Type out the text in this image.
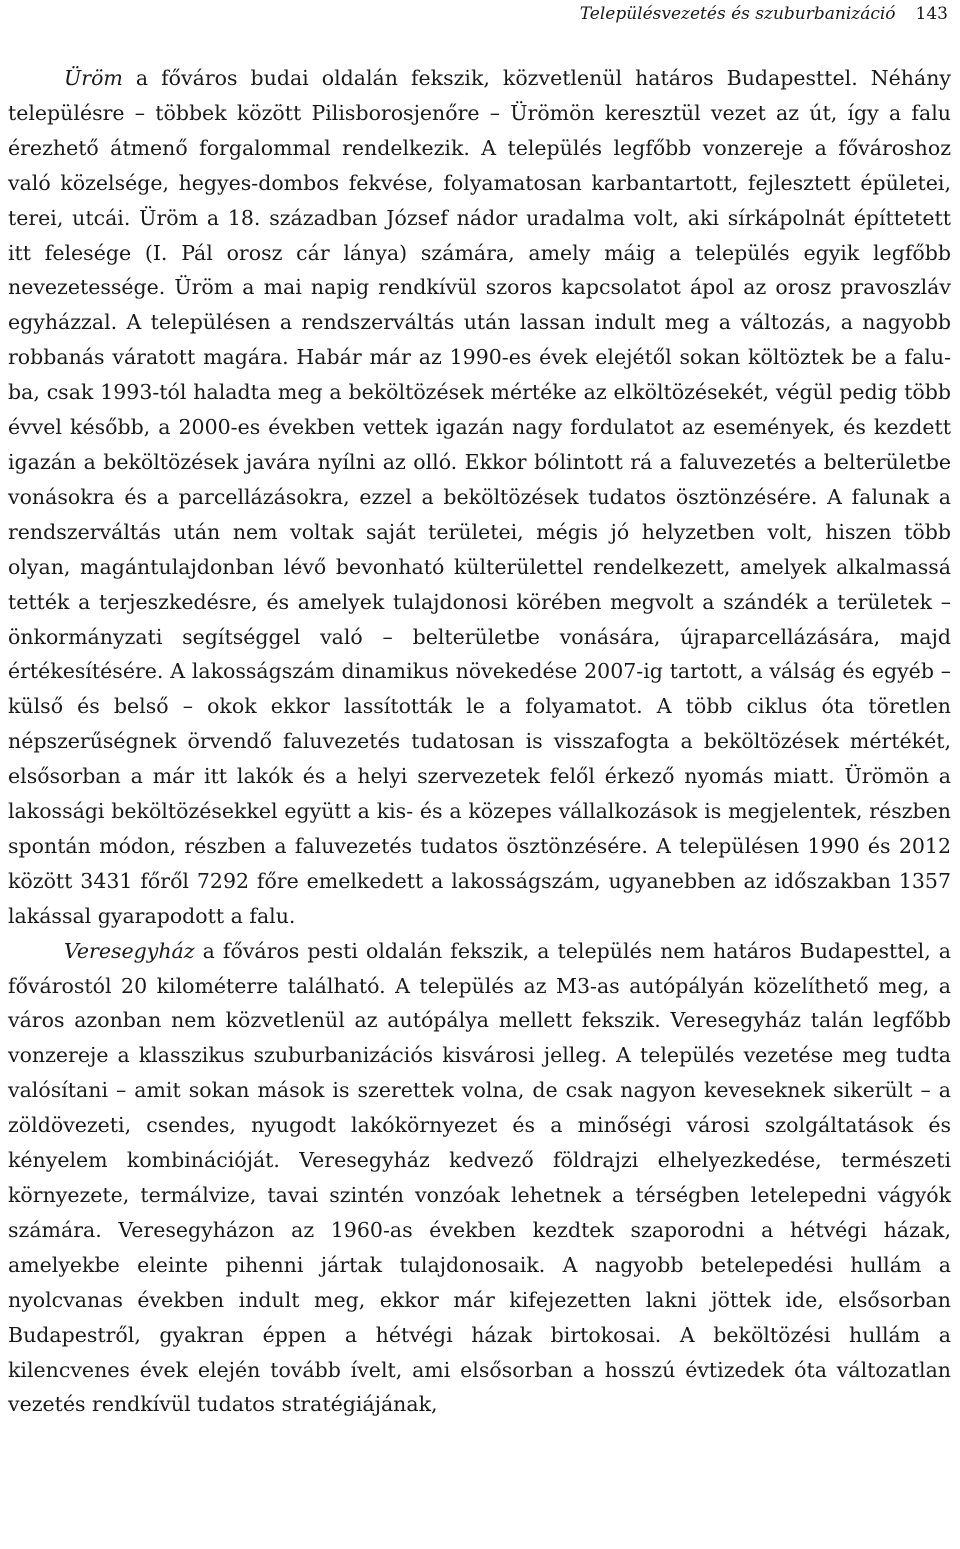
Településvezetés és szuburbanizáció 143

Üröm a főváros budai oldalán fekszik, közvetlenül határos Budapesttel. Néhány településre – többek között Pilisborosjenőre – Ürömön keresztül vezet az út, így a falu érezhető átmenő forgalommal rendelkezik. A település legfőbb vonzereje a fővároshoz való közelsége, hegyes-dombos fekvése, folyamatosan karbantartott, fejlesztett épületei, terei, utcái. Üröm a 18. században József nádor uradalma volt, aki sírkápolnát építtetett itt felesége (I. Pál orosz cár lánya) számára, amely máig a település egyik legfőbb nevezetessége. Üröm a mai napig rendkívül szoros kapcsolatot ápol az orosz pravoszláv egyházzal. A településen a rendszerváltás után lassan indult meg a változás, a nagyobb robbanás váratott magára. Habár már az 1990-es évek elejétől sokan költöztek be a faluba, csak 1993-tól haladta meg a beköltözések mértéke az elköltözésekét, végül pedig több évvel később, a 2000-es években vettek igazán nagy fordulatot az események, és kezdett igazán a beköltözések javára nyílni az olló. Ekkor bólintott rá a faluvezetés a belterületbe vonásokra és a parcellázásokra, ezzel a beköltözések tudatos ösztönzésére. A falunak a rendszerváltás után nem voltak saját területei, mégis jó helyzetben volt, hiszen több olyan, magántulajdonban lévő bevonható külterülettel rendelkezett, amelyek alkalmassá tették a terjeszkedésre, és amelyek tulajdonosi körében megvolt a szándék a területek – önkormányzati segítséggel való – belterületbe vonására, újraparcellázására, majd értékesítésére. A lakosságszám dinamikus növekedése 2007-ig tartott, a válság és egyéb – külső és belső – okok ekkor lassították le a folyamatot. A több ciklus óta töretlen népszerűségnek örvendő faluvezetés tudatosan is visszafogta a beköltözések mértékét, elsősorban a már itt lakók és a helyi szervezetek felől érkező nyomás miatt. Ürömön a lakossági beköltözésekkel együtt a kis- és a közepes vállalkozások is megjelentek, részben spontán módon, részben a faluvezetés tudatos ösztönzésére. A településen 1990 és 2012 között 3431 főről 7292 főre emelkedett a lakosságszám, ugyanebben az időszakban 1357 lakással gyarapodott a falu.

Veresegyház a főváros pesti oldalán fekszik, a település nem határos Budapesttel, a fővárostól 20 kilométerre található. A település az M3-as autópályán közelíthető meg, a város azonban nem közvetlenül az autópálya mellett fekszik. Veresegyház talán legfőbb vonzereje a klasszikus szuburbanizációs kisvárosi jelleg. A település vezetése meg tudta valósítani – amit sokan mások is szerettek volna, de csak nagyon keveseknek sikerült – a zöldövezeti, csendes, nyugodt lakókörnyezet és a minőségi városi szolgáltatások és kényelem kombinációját. Veresegyház kedvező földrajzi elhelyezkedése, természeti környezete, termálvize, tavai szintén vonzóak lehetnek a térségben letelepedni vágyók számára. Veresegyházon az 1960-as években kezdtek szaporodni a hétvégi házak, amelyekbe eleinte pihenni jártak tulajdonosaik. A nagyobb betelepedési hullám a nyolcvanas években indult meg, ekkor már kifejezetten lakni jöttek ide, elsősorban Budapestről, gyakran éppen a hétvégi házak birtokosai. A beköltözési hullám a kilencvenes évek elején tovább ívelt, ami elsősorban a hosszú évtizedek óta változatlan vezetés rendkívül tudatos stratégiájának,
